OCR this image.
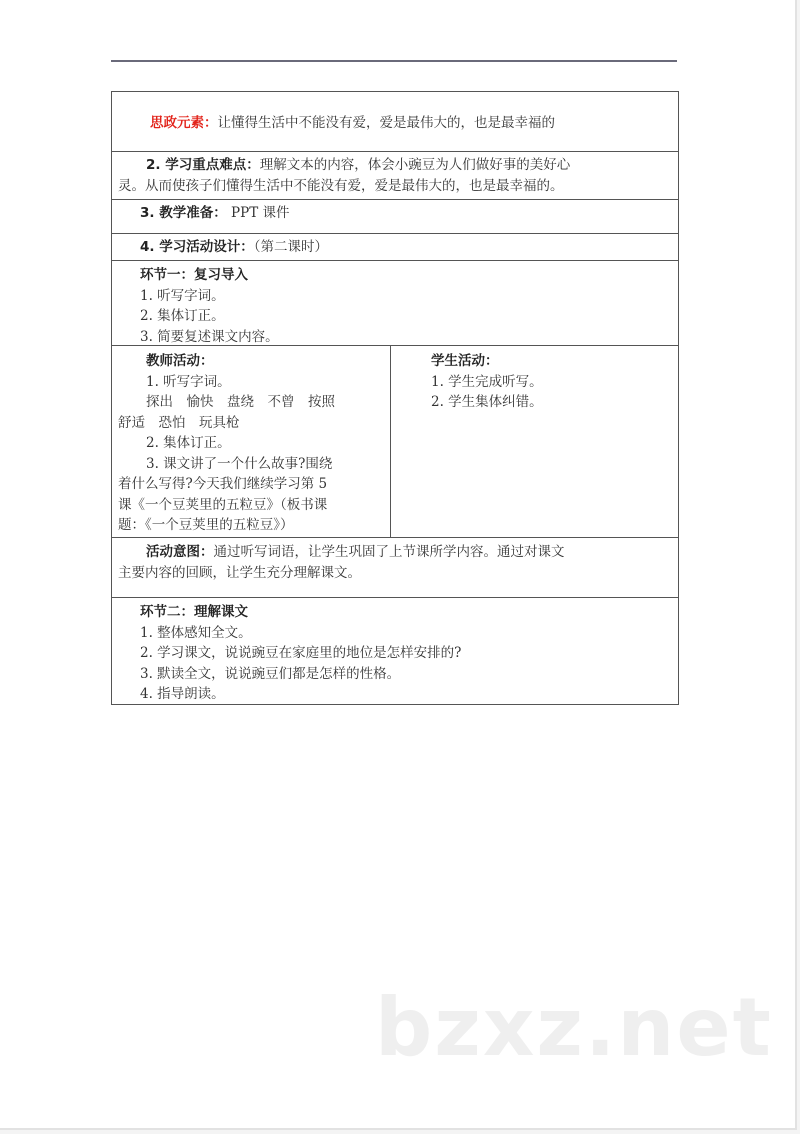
思政元素：让懂得生活中不能没有爱，爱是最伟大的，也是最幸福的
2. 学习重点难点：理解文本的内容，体会小豌豆为人们做好事的美好心
灵。从而使孩子们懂得生活中不能没有爱，爱是最伟大的，也是最幸福的。
3. 教学准备： PPT 课件
4. 学习活动设计：（第二课时）
环节一：复习导入
1. 听写字词。
2. 集体订正。
3. 简要复述课文内容。
教师活动：
1. 听写字词。
探出　愉快　盘绕　不曾　按照
舒适　恐怕　玩具枪
2. 集体订正。
3. 课文讲了一个什么故事?围绕
着什么写得?今天我们继续学习第 5
课《一个豆荚里的五粒豆》（板书课
题：《一个豆荚里的五粒豆》）
学生活动：
1. 学生完成听写。
2. 学生集体纠错。
活动意图：通过听写词语，让学生巩固了上节课所学内容。通过对课文
主要内容的回顾，让学生充分理解课文。
环节二：理解课文
1. 整体感知全文。
2. 学习课文，说说豌豆在家庭里的地位是怎样安排的?
3. 默读全文，说说豌豆们都是怎样的性格。
4. 指导朗读。
bzxz.net
